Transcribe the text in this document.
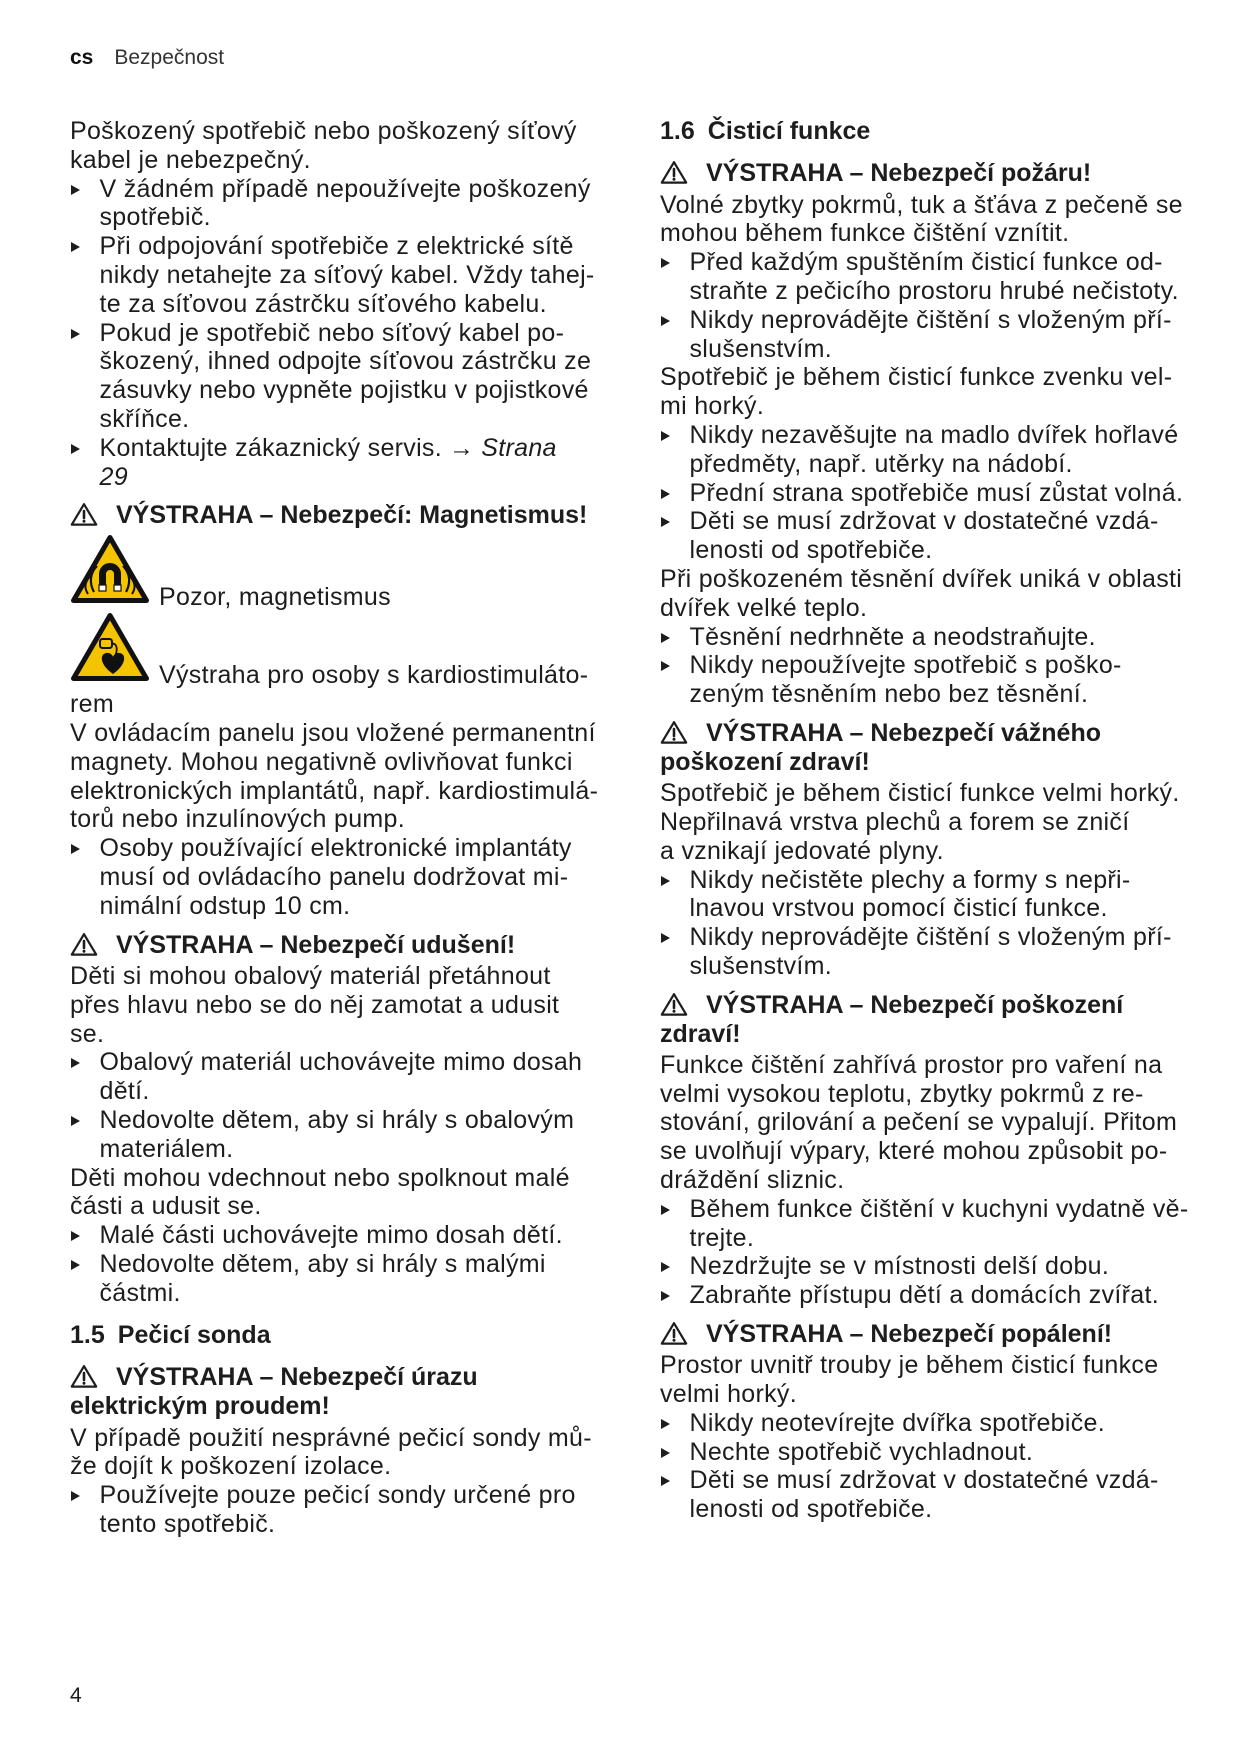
cs Bezpečnost
Poškozený spotřebič nebo poškozený síťový
kabel je nebezpečný.
V žádném případě nepoužívejte poškozený
spotřebič.
Při odpojování spotřebiče z elektrické sítě
nikdy netahejte za síťový kabel. Vždy tahej-
te za síťovou zástrčku síťového kabelu.
Pokud je spotřebič nebo síťový kabel po-
škozený, ihned odpojte síťovou zástrčku ze
zásuvky nebo vypněte pojistku v pojistkové
skříňce.
Kontaktujte zákaznický servis. → Strana
29
VÝSTRAHA – Nebezpečí: Magnetismus!
Pozor, magnetismus
Výstraha pro osoby s kardiostimuláto-
rem
V ovládacím panelu jsou vložené permanentní
magnety. Mohou negativně ovlivňovat funkci
elektronických implantátů, např. kardiostimulá-
torů nebo inzulínových pump.
Osoby používající elektronické implantáty
musí od ovládacího panelu dodržovat mi-
nimální odstup 10 cm.
VÝSTRAHA – Nebezpečí udušení!
Děti si mohou obalový materiál přetáhnout
přes hlavu nebo se do něj zamotat a udusit
se.
Obalový materiál uchovávejte mimo dosah
dětí.
Nedovolte dětem, aby si hrály s obalovým
materiálem.
Děti mohou vdechnout nebo spolknout malé
části a udusit se.
Malé části uchovávejte mimo dosah dětí.
Nedovolte dětem, aby si hrály s malými
částmi.
1.5 Pečicí sonda
VÝSTRAHA – Nebezpečí úrazu
elektrickým proudem!
V případě použití nesprávné pečicí sondy mů-
že dojít k poškození izolace.
Používejte pouze pečicí sondy určené pro
tento spotřebič.
1.6 Čisticí funkce
VÝSTRAHA – Nebezpečí požáru!
Volné zbytky pokrmů, tuk a šťáva z pečeně se
mohou během funkce čištění vznítit.
Před každým spuštěním čisticí funkce od-
straňte z pečicího prostoru hrubé nečistoty.
Nikdy neprovádějte čištění s vloženým pří-
slušenstvím.
Spotřebič je během čisticí funkce zvenku vel-
mi horký.
Nikdy nezavěšujte na madlo dvířek hořlavé
předměty, např. utěrky na nádobí.
Přední strana spotřebiče musí zůstat volná.
Děti se musí zdržovat v dostatečné vzdá-
lenosti od spotřebiče.
Při poškozeném těsnění dvířek uniká v oblasti
dvířek velké teplo.
Těsnění nedrhněte a neodstraňujte.
Nikdy nepoužívejte spotřebič s poško-
zeným těsněním nebo bez těsnění.
VÝSTRAHA – Nebezpečí vážného
poškození zdraví!
Spotřebič je během čisticí funkce velmi horký.
Nepřilnavá vrstva plechů a forem se zničí
a vznikají jedovaté plyny.
Nikdy nečistěte plechy a formy s nepři-
lnavou vrstvou pomocí čisticí funkce.
Nikdy neprovádějte čištění s vloženým pří-
slušenstvím.
VÝSTRAHA – Nebezpečí poškození
zdraví!
Funkce čištění zahřívá prostor pro vaření na
velmi vysokou teplotu, zbytky pokrmů z re-
stování, grilování a pečení se vypalují. Přitom
se uvolňují výpary, které mohou způsobit po-
dráždění sliznic.
Během funkce čištění v kuchyni vydatně vě-
trejte.
Nezdržujte se v místnosti delší dobu.
Zabraňte přístupu dětí a domácích zvířat.
VÝSTRAHA – Nebezpečí popálení!
Prostor uvnitř trouby je během čisticí funkce
velmi horký.
Nikdy neotevírejte dvířka spotřebiče.
Nechte spotřebič vychladnout.
Děti se musí zdržovat v dostatečné vzdá-
lenosti od spotřebiče.
4
